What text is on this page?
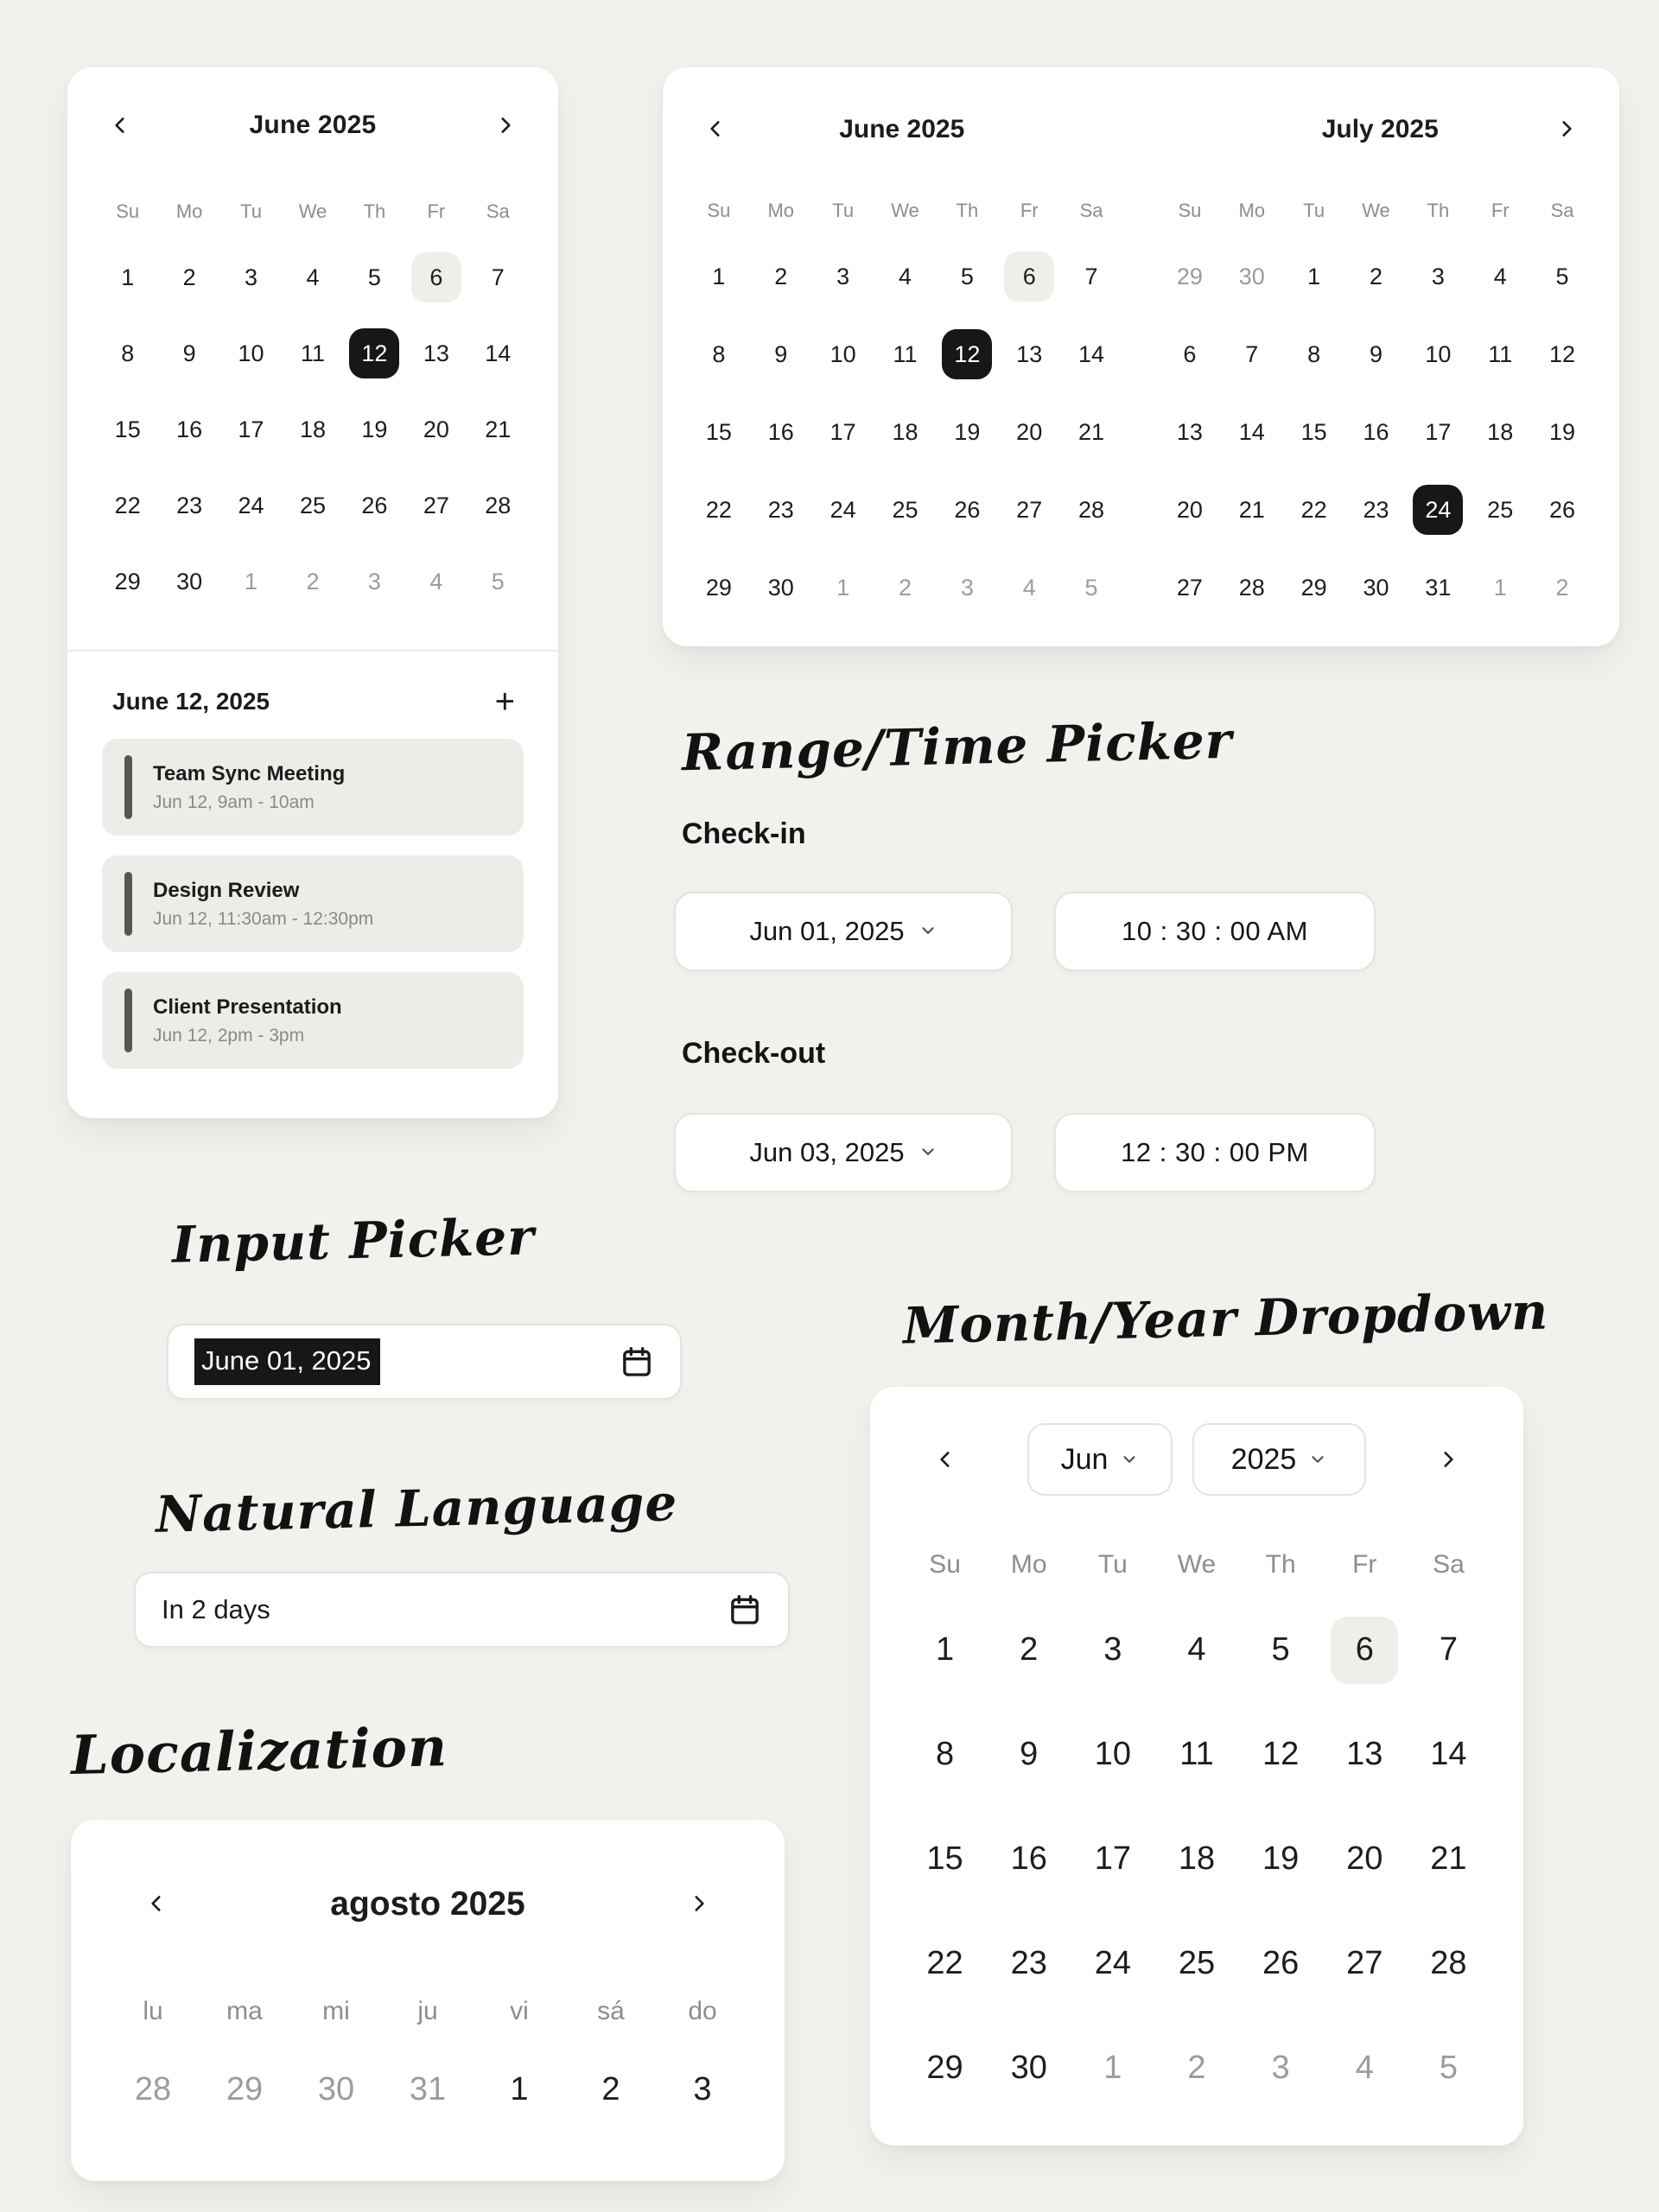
June 2025
Su Mo Tu We Th Fr Sa
1	2	3	4	5	6	7
8	9	10	11	12	13	14
15	16	17	18	19	20	21
22	23	24	25	26	27	28
29	30	1	2	3	4	5
June 12, 2025	+
Team Sync Meeting
Jun 12, 9am - 10am
Design Review
Jun 12, 11:30am - 12:30pm
Client Presentation
Jun 12, 2pm - 3pm
June 2025	July 2025
Su Mo Tu We Th Fr Sa
1	2	3	4	5	6	7
8	9	10	11	12	13	14
15	16	17	18	19	20	21
22	23	24	25	26	27	28
29	30	1	2	3	4	5
Su Mo Tu We Th Fr Sa
29	30	1	2	3	4	5
6	7	8	9	10	11	12
13	14	15	16	17	18	19
20	21	22	23	24	25	26
27	28	29	30	31	1	2
Range/Time Picker
Check-in
Jun 01, 2025	10 : 30 : 00 AM
Check-out
Jun 03, 2025	12 : 30 : 00 PM
Input Picker
June 01, 2025
Natural Language
In 2 days
Localization
agosto 2025
lu ma mi	ju	vi	sá do
28	29	30	31	1	2	3
Month/Year Dropdown
Jun	2025
Su Mo Tu We Th Fr Sa
1	2	3	4	5	6	7
8	9	10	11	12	13	14
15	16	17	18	19	20	21
22	23	24	25	26	27	28
29	30	1	2	3	4	5
